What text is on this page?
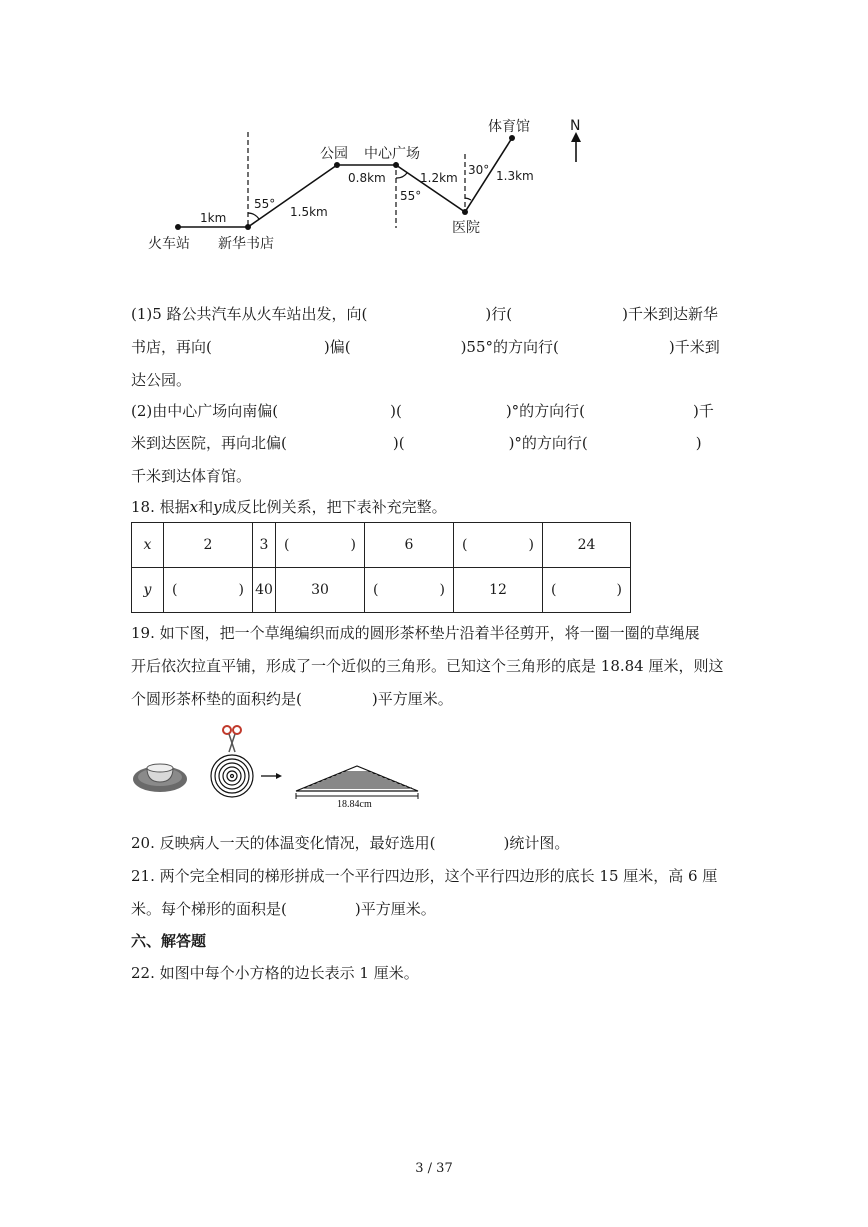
N
火车站 新华书店
公园 中心广场
医院
体育馆
1km	1.5km
0.8km	1.2km	1.3km
55°
55°
30°
(1)5 路公共汽车从火车站出发，向(	)行(	)千米到达新华
书店，再向(	)偏(	)55°的方向行(	)千米到
达公园。
(2)由中心广场向南偏(	)(	)°的方向行(	)千
米到达医院，再向北偏(	)(	)°的方向行(	)
千米到达体育馆。
18. 根据x和y成反比例关系，把下表补充完整。
x	2	3	( )	6	( )	24
y	( )	40	30	( )	12	( )
19. 如下图，把一个草绳编织而成的圆形茶杯垫片沿着半径剪开，将一圈一圈的草绳展
开后依次拉直平铺，形成了一个近似的三角形。已知这个三角形的底是 18.84 厘米，则这
个圆形茶杯垫的面积约是(	)平方厘米。
18.84cm
20. 反映病人一天的体温变化情况，最好选用(	)统计图。
21. 两个完全相同的梯形拼成一个平行四边形，这个平行四边形的底长 15 厘米，高 6 厘
米。每个梯形的面积是(	)平方厘米。
六、解答题
22. 如图中每个小方格的边长表示 1 厘米。
3 / 37
